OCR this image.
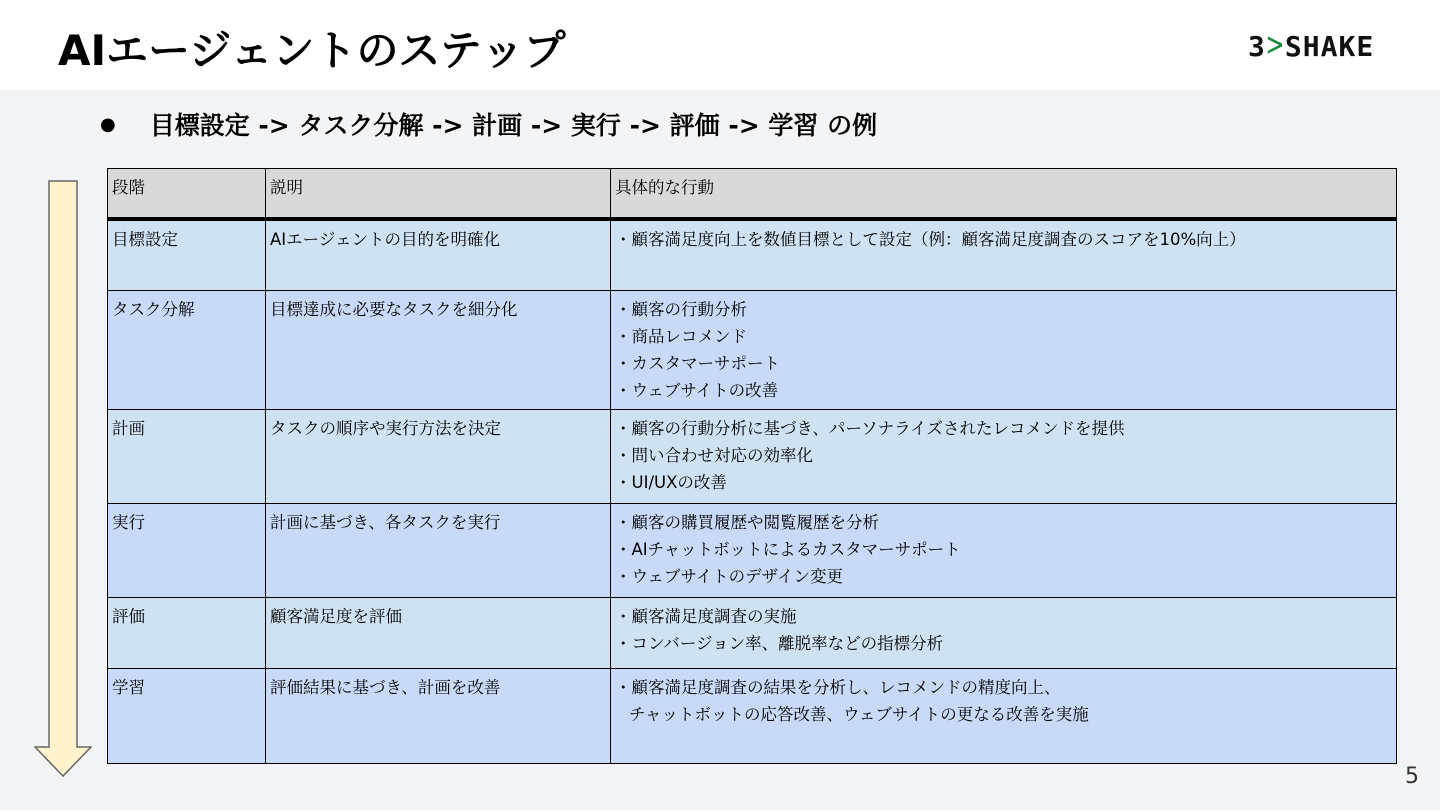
AIエージェントのステップ	3 ᐳ SHAKE
● 目標設定 -> タスク分解 -> 計画 -> 実行 -> 評価 -> 学習 の例
段階	説明	具体的な行動
目標設定	AIエージェントの目的を明確化	・顧客満足度向上を数値目標として設定（例：顧客満足度調査のスコアを10%向上）

タスク分解	目標達成に必要なタスクを細分化	・顧客の行動分析
・商品レコメンド
・カスタマーサポート
・ウェブサイトの改善

計画	タスクの順序や実行方法を決定	・顧客の行動分析に基づき、パーソナライズされたレコメンドを提供
・問い合わせ対応の効率化
・UI/UXの改善

実行	計画に基づき、各タスクを実行	・顧客の購買履歴や閲覧履歴を分析
・AIチャットボットによるカスタマーサポート
・ウェブサイトのデザイン変更

評価	顧客満足度を評価	・顧客満足度調査の実施
・コンバージョン率、離脱率などの指標分析

学習	評価結果に基づき、計画を改善	・顧客満足度調査の結果を分析し、レコメンドの精度向上、
チャットボットの応答改善、ウェブサイトの更なる改善を実施
5
